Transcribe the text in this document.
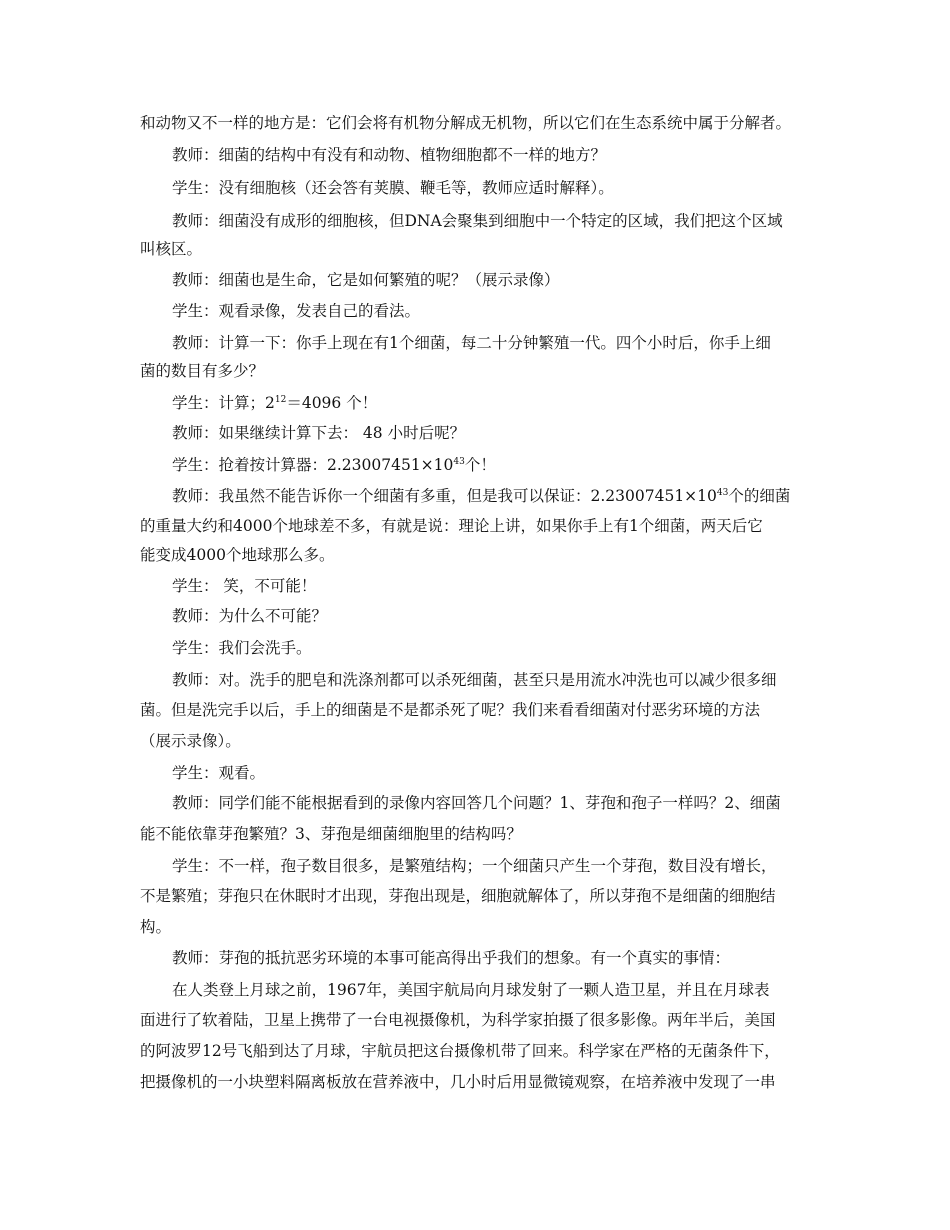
和动物又不一样的地方是：它们会将有机物分解成无机物，所以它们在生态系统中属于分解者。
教师：细菌的结构中有没有和动物、植物细胞都不一样的地方？
学生：没有细胞核（还会答有荚膜、鞭毛等，教师应适时解释）。
教师：细菌没有成形的细胞核，但DNA会聚集到细胞中一个特定的区域，我们把这个区域
叫核区。
教师：细菌也是生命，它是如何繁殖的呢？（展示录像）
学生：观看录像，发表自己的看法。
教师：计算一下：你手上现在有1个细菌，每二十分钟繁殖一代。四个小时后，你手上细
菌的数目有多少？
学生：计算；$2^{12}=4096$ 个！
教师：如果继续计算下去： 48 小时后呢？
学生：抢着按计算器：$2.23007451\times 10^{43}$个！
教师：我虽然不能告诉你一个细菌有多重，但是我可以保证：$2.23007451\times 10^{43}$个的细菌
的重量大约和4000个地球差不多，有就是说：理论上讲，如果你手上有1个细菌，两天后它
能变成4000个地球那么多。
学生： 笑，不可能！
教师：为什么不可能？
学生：我们会洗手。
教师：对。洗手的肥皂和洗涤剂都可以杀死细菌，甚至只是用流水冲洗也可以减少很多细
菌。但是洗完手以后，手上的细菌是不是都杀死了呢？我们来看看细菌对付恶劣环境的方法
（展示录像）。
学生：观看。
教师：同学们能不能根据看到的录像内容回答几个问题？1、芽孢和孢子一样吗？2、细菌
能不能依靠芽孢繁殖？3、芽孢是细菌细胞里的结构吗？
学生：不一样，孢子数目很多，是繁殖结构；一个细菌只产生一个芽孢，数目没有增长，
不是繁殖；芽孢只在休眠时才出现，芽孢出现是，细胞就解体了，所以芽孢不是细菌的细胞结
构。
教师：芽孢的抵抗恶劣环境的本事可能高得出乎我们的想象。有一个真实的事情：
在人类登上月球之前，1967年，美国宇航局向月球发射了一颗人造卫星，并且在月球表
面进行了软着陆，卫星上携带了一台电视摄像机，为科学家拍摄了很多影像。两年半后，美国
的阿波罗12号飞船到达了月球，宇航员把这台摄像机带了回来。科学家在严格的无菌条件下，
把摄像机的一小块塑料隔离板放在营养液中，几小时后用显微镜观察，在培养液中发现了一串
